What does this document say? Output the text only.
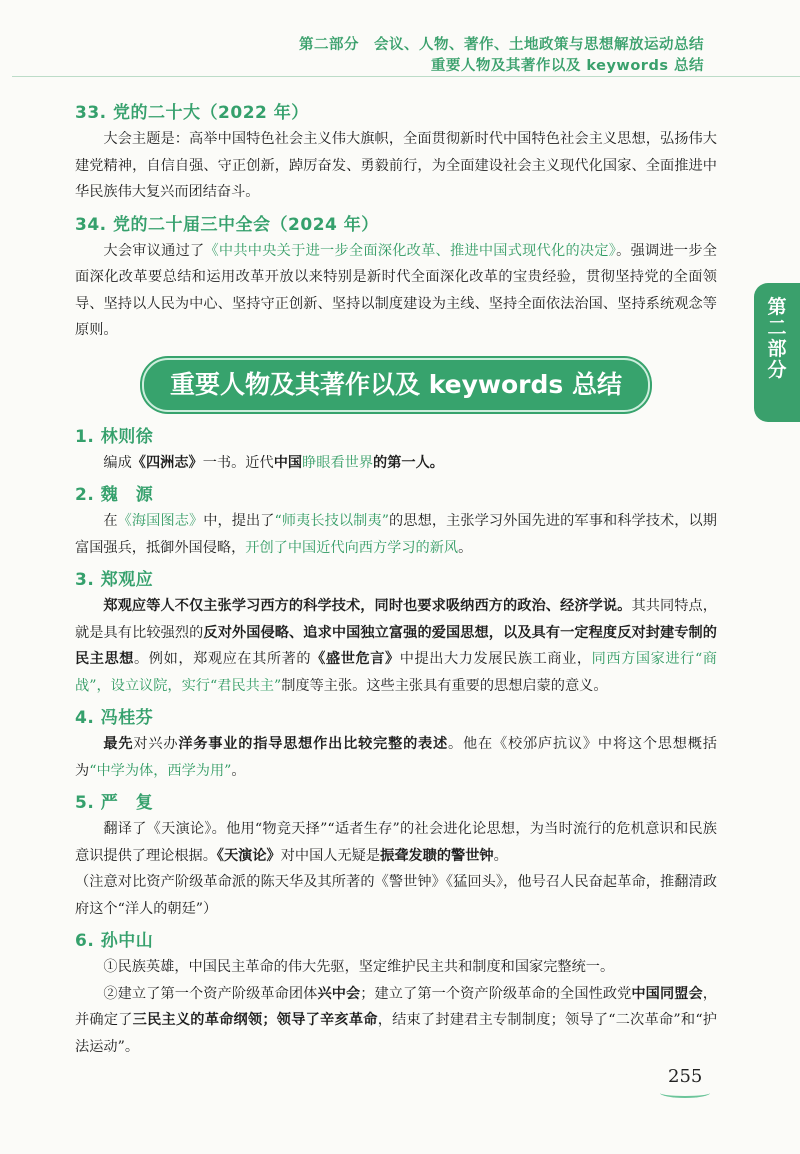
第二部分　会议、人物、著作、土地政策与思想解放运动总结
重要人物及其著作以及 keywords 总结
第二部分
33. 党的二十大（2022 年）

大会主题是：高举中国特色社会主义伟大旗帜，全面贯彻新时代中国特色社会主义思想，弘扬伟大建党精神，自信自强、守正创新，踔厉奋发、勇毅前行，为全面建设社会主义现代化国家、全面推进中华民族伟大复兴而团结奋斗。

34. 党的二十届三中全会（2024 年）

大会审议通过了《中共中央关于进一步全面深化改革、推进中国式现代化的决定》。强调进一步全面深化改革要总结和运用改革开放以来特别是新时代全面深化改革的宝贵经验，贯彻坚持党的全面领导、坚持以人民为中心、坚持守正创新、坚持以制度建设为主线、坚持全面依法治国、坚持系统观念等原则。

重要人物及其著作以及 keywords 总结
1. 林则徐

编成《四洲志》一书。近代中国睁眼看世界的第一人。

2. 魏　源

在《海国图志》中，提出了“师夷长技以制夷”的思想，主张学习外国先进的军事和科学技术，以期富国强兵，抵御外国侵略，开创了中国近代向西方学习的新风。

3. 郑观应

郑观应等人不仅主张学习西方的科学技术，同时也要求吸纳西方的政治、经济学说。其共同特点，就是具有比较强烈的反对外国侵略、追求中国独立富强的爱国思想，以及具有一定程度反对封建专制的民主思想。例如，郑观应在其所著的《盛世危言》中提出大力发展民族工商业，同西方国家进行“商战”，设立议院，实行“君民共主”制度等主张。这些主张具有重要的思想启蒙的意义。

4. 冯桂芬

最先对兴办洋务事业的指导思想作出比较完整的表述。他在《校邠庐抗议》中将这个思想概括为“中学为体，西学为用”。

5. 严　复

翻译了《天演论》。他用“物竞天择”“适者生存”的社会进化论思想，为当时流行的危机意识和民族意识提供了理论根据。《天演论》对中国人无疑是振聋发聩的警世钟。

（注意对比资产阶级革命派的陈天华及其所著的《警世钟》《猛回头》，他号召人民奋起革命，推翻清政府这个“洋人的朝廷”）

6. 孙中山

①民族英雄，中国民主革命的伟大先驱，坚定维护民主共和制度和国家完整统一。

②建立了第一个资产阶级革命团体兴中会；建立了第一个资产阶级革命的全国性政党中国同盟会，并确定了三民主义的革命纲领；领导了辛亥革命，结束了封建君主专制制度；领导了“二次革命”和“护法运动”。

255
